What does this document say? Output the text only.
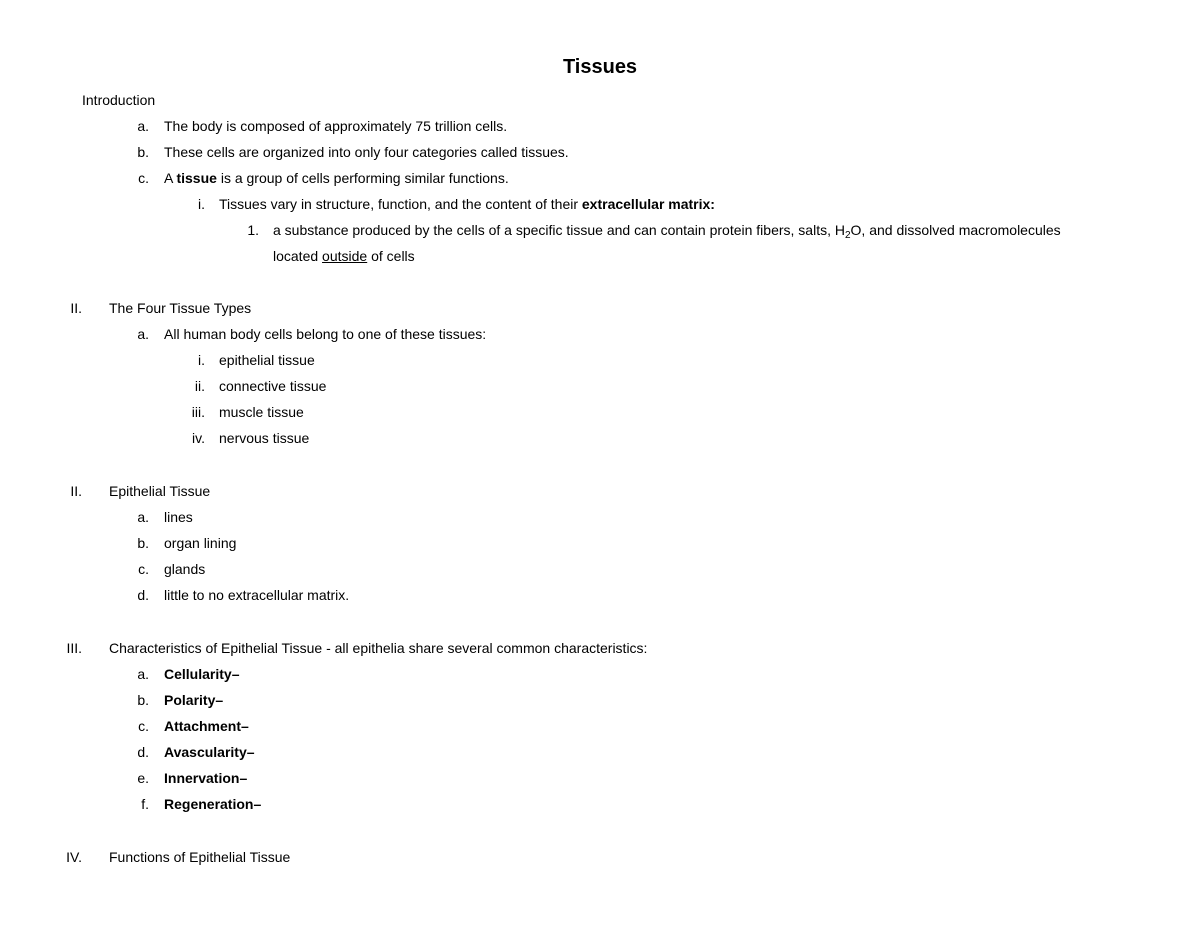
Tissues
Introduction
a. The body is composed of approximately 75 trillion cells.
b. These cells are organized into only four categories called tissues.
c. A tissue is a group of cells performing similar functions.
i. Tissues vary in structure, function, and the content of their extracellular matrix:
1. a substance produced by the cells of a specific tissue and can contain protein fibers, salts, $H_2O$, and dissolved macromolecules
located outside of cells
II. The Four Tissue Types
a. All human body cells belong to one of these tissues:
i. epithelial tissue
ii. connective tissue
iii. muscle tissue
iv. nervous tissue
II. Epithelial Tissue
a. lines
b. organ lining
c. glands
d. little to no extracellular matrix.
III. Characteristics of Epithelial Tissue - all epithelia share several common characteristics:
a. Cellularity–
b. Polarity–
c. Attachment–
d. Avascularity–
e. Innervation–
f. Regeneration–
IV. Functions of Epithelial Tissue
